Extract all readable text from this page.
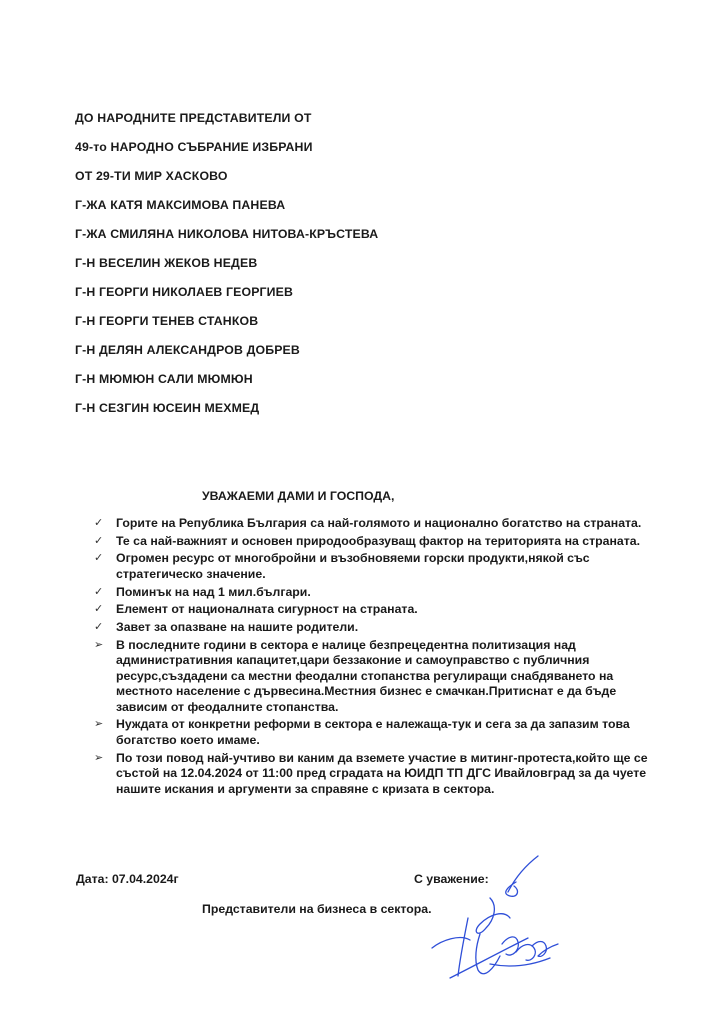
ДО НАРОДНИТЕ ПРЕДСТАВИТЕЛИ ОТ
49-то НАРОДНО СЪБРАНИЕ ИЗБРАНИ
ОТ 29-ТИ МИР ХАСКОВО
Г-ЖА КАТЯ МАКСИМОВА ПАНЕВА
Г-ЖА СМИЛЯНА НИКОЛОВА НИТОВА-КРЪСТЕВА
Г-Н ВЕСЕЛИН ЖЕКОВ НЕДЕВ
Г-Н ГЕОРГИ НИКОЛАЕВ ГЕОРГИЕВ
Г-Н ГЕОРГИ ТЕНЕВ СТАНКОВ
Г-Н ДЕЛЯН АЛЕКСАНДРОВ ДОБРЕВ
Г-Н МЮМЮН САЛИ МЮМЮН
Г-Н СЕЗГИН ЮСЕИН МЕХМЕД
УВАЖАЕМИ ДАМИ И ГОСПОДА,
✓	Горите на Република България са най-голямото и национално богатство на страната.
✓	Те са най-важният и основен природообразуващ фактор на територията на страната.
✓	Огромен ресурс от многобройни и възобновяеми горски продукти,някой със стратегическо значение.
✓	Поминък на над 1 мил.българи.
✓	Елемент от националната сигурност на страната.
✓	Завет за опазване на нашите родители.
➢	В последните години в сектора е налице безпрецедентна политизация над административния капацитет,цари беззаконие и самоуправство с публичния ресурс,създадени са местни феодални стопанства регулиращи снабдяването на местното население с дървесина.Местния бизнес е смачкан.Притиснат е да бъде зависим от феодалните стопанства.
➢	Нуждата от конкретни реформи в сектора е належаща-тук и сега за да запазим това богатство което имаме.
➢	По този повод най-учтиво ви каним да вземете участие в митинг-протеста,който ще се състой на 12.04.2024 от 11:00 пред сградата на ЮИДП ТП ДГС Ивайловград за да чуете нашите искания и аргументи за справяне с кризата в сектора.
Дата: 07.04.2024г	С уважение:
Представители на бизнеса в сектора.
